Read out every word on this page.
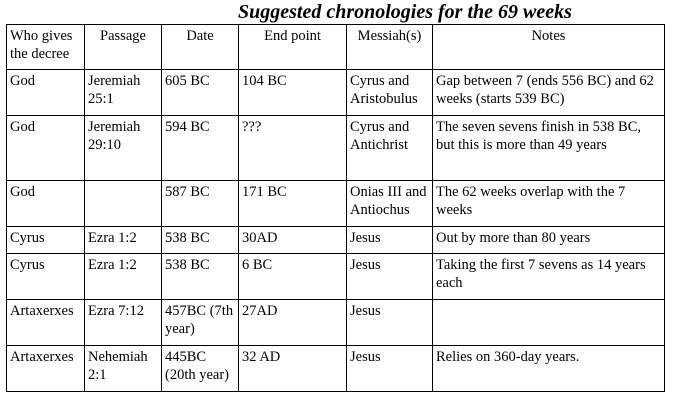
Suggested chronologies for the 69 weeks
Who gives the decree	Passage	Date	End point	Messiah(s)	Notes
God	Jeremiah 25:1	605 BC	104 BC	Cyrus and Aristobulus	Gap between 7 (ends 556 BC) and 62 weeks (starts 539 BC)
God	Jeremiah 29:10	594 BC	???	Cyrus and Antichrist	The seven sevens finish in 538 BC, but this is more than 49 years
God		587 BC	171 BC	Onias III and Antiochus	The 62 weeks overlap with the 7 weeks
Cyrus	Ezra 1:2	538 BC	30AD	Jesus	Out by more than 80 years
Cyrus	Ezra 1:2	538 BC	6 BC	Jesus	Taking the first 7 sevens as 14 years each
Artaxerxes	Ezra 7:12	457BC (7th year)	27AD	Jesus	
Artaxerxes	Nehemiah 2:1	445BC (20th year)	32 AD	Jesus	Relies on 360-day years.
